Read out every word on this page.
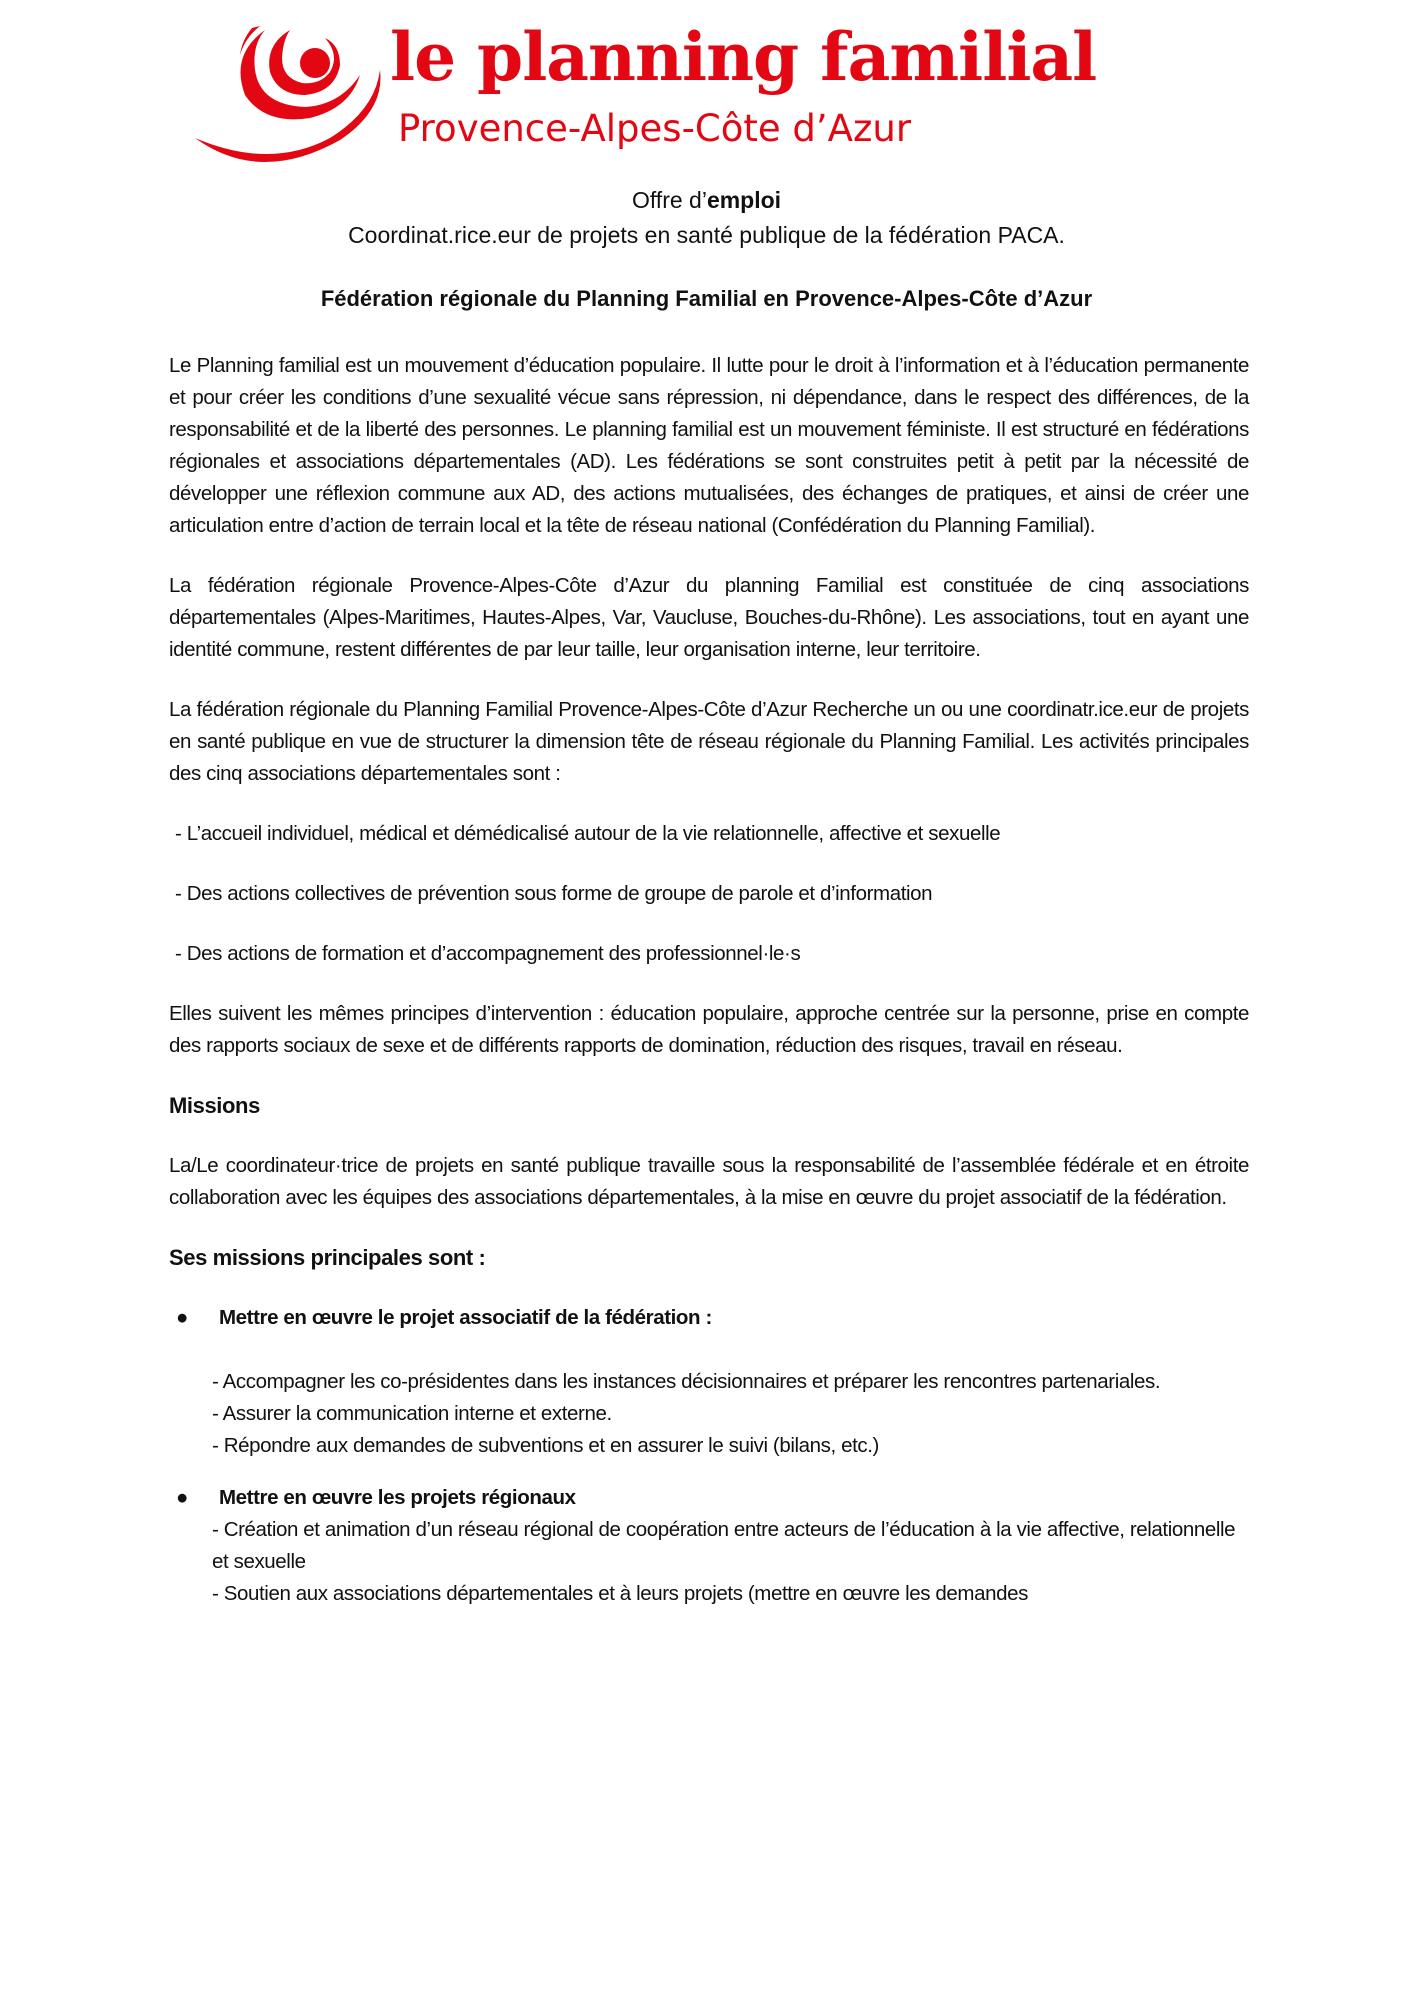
le planning familial
Provence-Alpes-Côte d’Azur
Offre d’emploi
Coordinat.rice.eur de projets en santé publique de la fédération PACA.
Fédération régionale du Planning Familial en Provence-Alpes-Côte d’Azur

Le Planning familial est un mouvement d’éducation populaire. Il lutte pour le droit à l’information et à l’éducation permanente et pour créer les conditions d’une sexualité vécue sans répression, ni dépendance, dans le respect des différences, de la responsabilité et de la liberté des personnes. Le planning familial est un mouvement féministe. Il est structuré en fédérations régionales et associations départementales (AD). Les fédérations se sont construites petit à petit par la nécessité de développer une réflexion commune aux AD, des actions mutualisées, des échanges de pratiques, et ainsi de créer une articulation entre d’action de terrain local et la tête de réseau national (Confédération du Planning Familial).

La fédération régionale Provence-Alpes-Côte d’Azur du planning Familial est constituée de cinq associations départementales (Alpes-Maritimes, Hautes-Alpes, Var, Vaucluse, Bouches-du-Rhône). Les associations, tout en ayant une identité commune, restent différentes de par leur taille, leur organisation interne, leur territoire.

La fédération régionale du Planning Familial Provence-Alpes-Côte d’Azur Recherche un ou une coordinatr.ice.eur de projets en santé publique en vue de structurer la dimension tête de réseau régionale du Planning Familial. Les activités principales des cinq associations départementales sont :

- L’accueil individuel, médical et démédicalisé autour de la vie relationnelle, affective et sexuelle

- Des actions collectives de prévention sous forme de groupe de parole et d’information

- Des actions de formation et d’accompagnement des professionnel·le·s

Elles suivent les mêmes principes d’intervention : éducation populaire, approche centrée sur la personne, prise en compte des rapports sociaux de sexe et de différents rapports de domination, réduction des risques, travail en réseau.

Missions

La/Le coordinateur·trice de projets en santé publique travaille sous la responsabilité de l’assemblée fédérale et en étroite collaboration avec les équipes des associations départementales, à la mise en œuvre du projet associatif de la fédération.

Ses missions principales sont :

●	Mettre en œuvre le projet associatif de la fédération :

- Accompagner les co-présidentes dans les instances décisionnaires et préparer les rencontres partenariales.

- Assurer la communication interne et externe.

- Répondre aux demandes de subventions et en assurer le suivi (bilans, etc.)

●	Mettre en œuvre les projets régionaux

- Création et animation d’un réseau régional de coopération entre acteurs de l’éducation à la vie affective, relationnelle et sexuelle

- Soutien aux associations départementales et à leurs projets (mettre en œuvre les demandes
